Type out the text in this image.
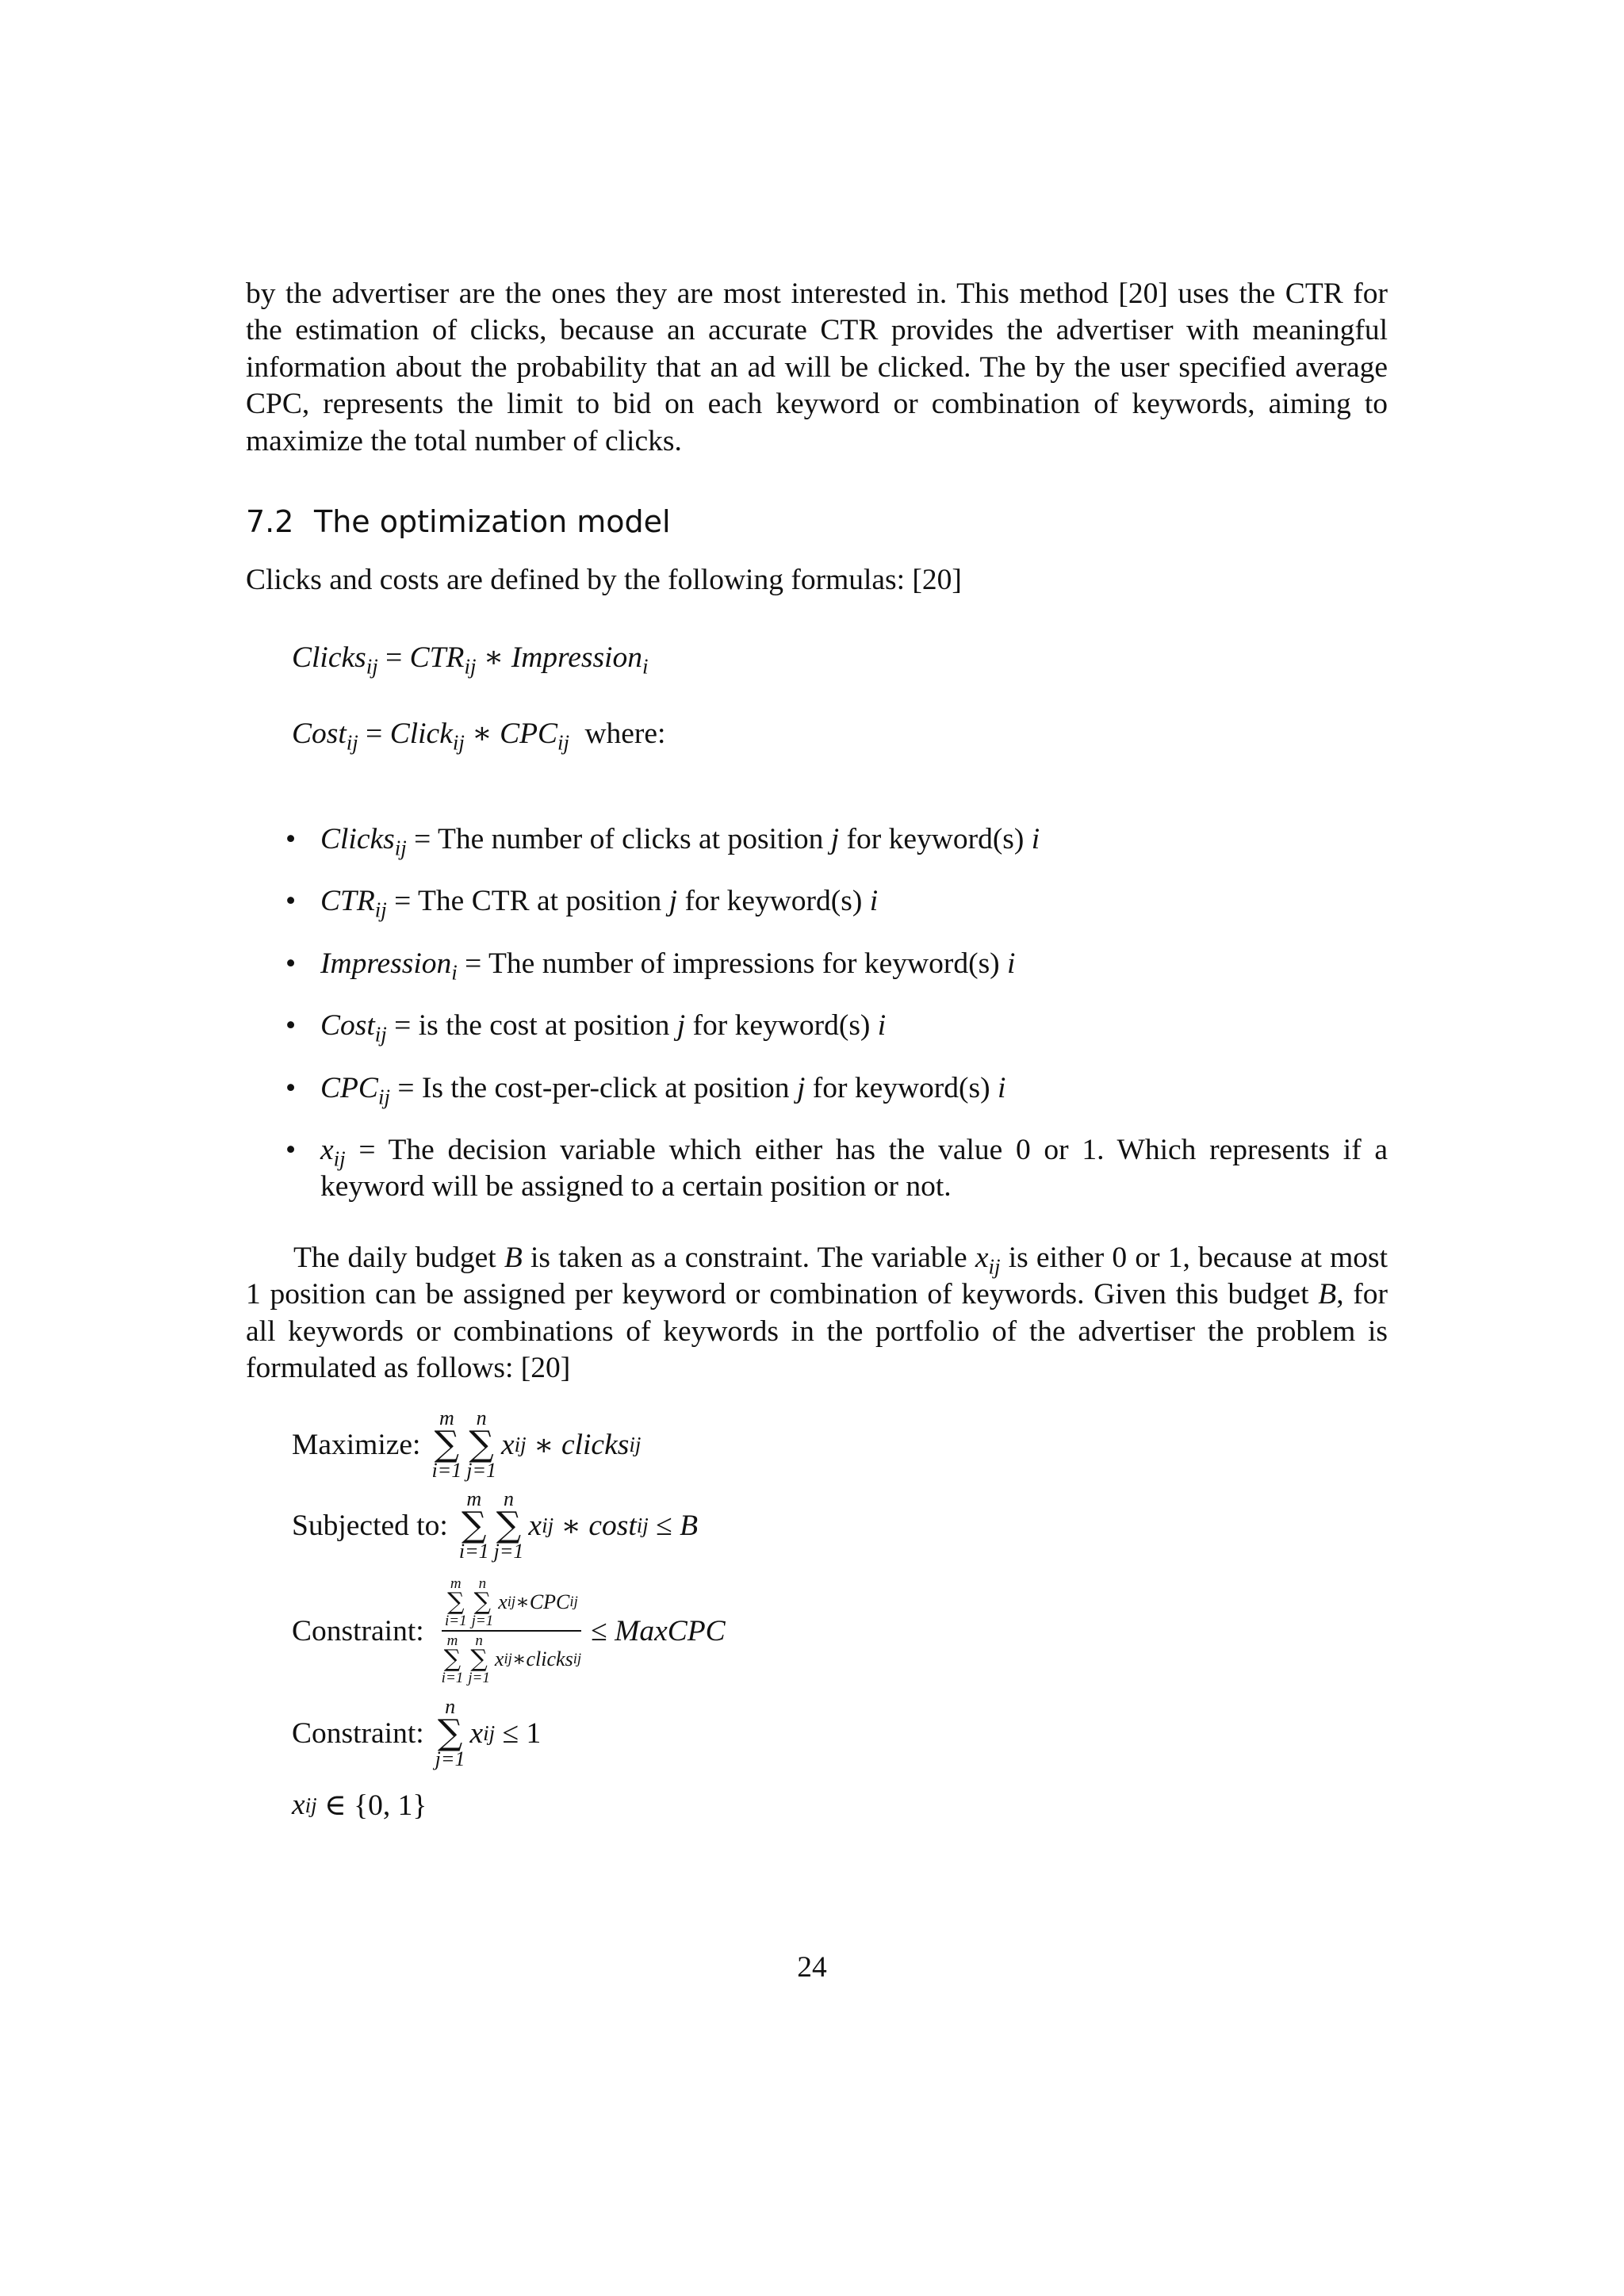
by the advertiser are the ones they are most interested in. This method [20] uses the CTR for the estimation of clicks, because an accurate CTR provides the advertiser with meaningful information about the probability that an ad will be clicked. The by the user specified average CPC, represents the limit to bid on each keyword or combination of keywords, aiming to maximize the total number of clicks.

7.2 The optimization model
Clicks and costs are defined by the following formulas: [20]
Clicks$_{ij}$ = $CTR_{ij}$ ∗ Impression$_i$
Cost$_{ij}$ = Click$_{ij}$ ∗ $CPC_{ij}$ where:
• Clicks$_{ij}$ = The number of clicks at position j for keyword(s) i
• $CTR_{ij}$ = The CTR at position j for keyword(s) i
• Impression$_i$ = The number of impressions for keyword(s) i
• Cost$_{ij}$ = is the cost at position j for keyword(s) i
• $CPC_{ij} = Is$ the cost-per-click at position j for keyword(s) i
• $x_{ij}$ = The decision variable which either has the value 0 or 1. Which represents if a keyword will be assigned to a certain position or not.

The daily budget B is taken as a constraint. The variable $x_{ij}$ is either 0 or 1, because at most 1 position can be assigned per keyword or combination of keywords. Given this budget B, for all keywords or combinations of keywords in the portfolio of the advertiser the problem is formulated as follows: [20]

Maximize:
m
∑
i=1
n
∑
j=1
x ij ∗ clicks ij
Subjected to:
m
∑
i=1
n
∑
j=1
x ij ∗ cost ij ≤ B
Constraint: m
∑
i=1
n
∑
j=1
x ij ∗ CPC ij
m
∑
i=1
n
∑
j=1
x ij ∗ clicks ij ≤ MaxCPC
Constraint:
n
∑
j=1
x ij
≤ 1
x ij
∈ {0, 1}
24
